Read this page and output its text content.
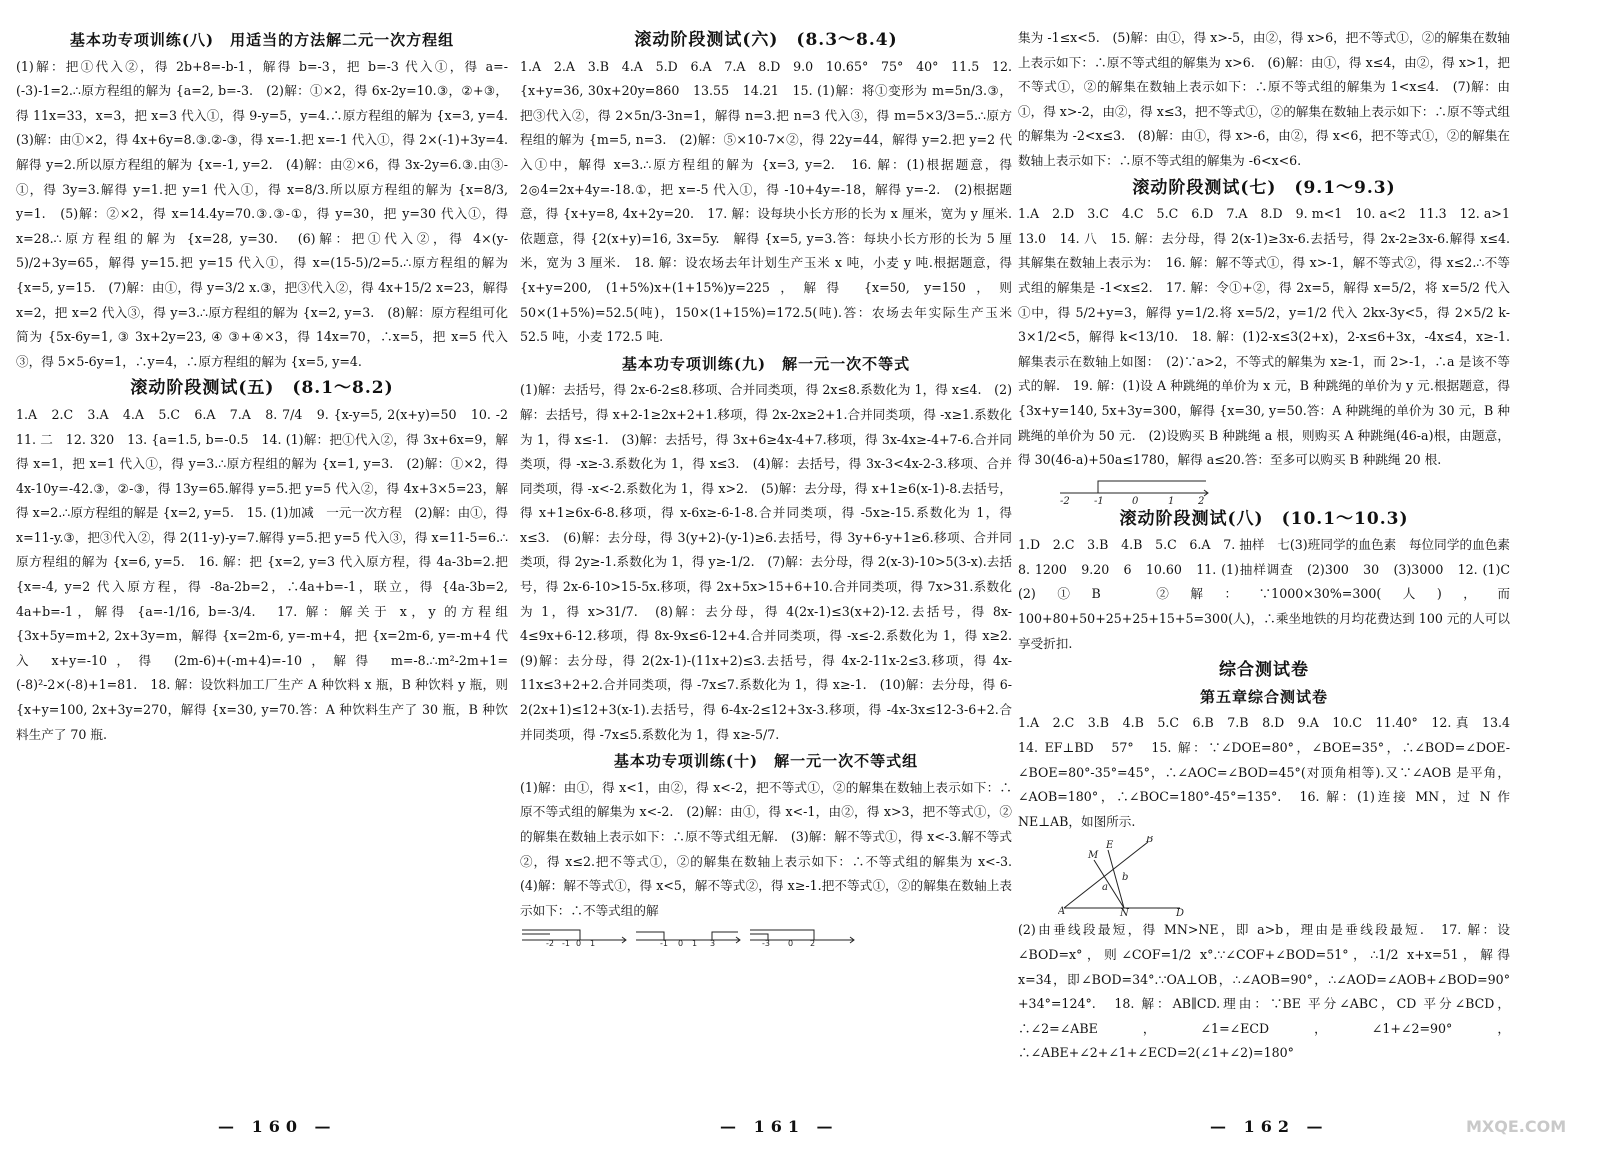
基本功专项训练(八)　用适当的方法解二元一次方程组

(1)解：把①代入②，得 2b+8=-b-1，解得 b=-3，把 b=-3 代入①，得 a=-(-3)-1=2.∴原方程组的解为 {a=2, b=-3.　(2)解：①×2，得 6x-2y=10.③，②+③，得 11x=33，x=3，把 x=3 代入①，得 9-y=5，y=4.∴原方程组的解为 {x=3, y=4.　(3)解：由①×2，得 4x+6y=8.③.②-③，得 x=-1.把 x=-1 代入①，得 2×(-1)+3y=4.解得 y=2.所以原方程组的解为 {x=-1, y=2.　(4)解：由②×6，得 3x-2y=6.③.由③-①，得 3y=3.解得 y=1.把 y=1 代入①，得 x=8/3.所以原方程组的解为 {x=8/3, y=1.　(5)解：②×2，得 x=14.4y=70.③.③-①，得 y=30，把 y=30 代入①，得 x=28.∴原方程组的解为 {x=28, y=30.　(6)解：把①代入②，得 4×(y-5)/2+3y=65，解得 y=15.把 y=15 代入①，得 x=(15-5)/2=5.∴原方程组的解为 {x=5, y=15.　(7)解：由①，得 y=3/2 x.③，把③代入②，得 4x+15/2 x=23，解得 x=2，把 x=2 代入③，得 y=3.∴原方程组的解为 {x=2, y=3.　(8)解：原方程组可化简为 {5x-6y=1, ③ 3x+2y=23, ④ ③+④×3，得 14x=70，∴x=5，把 x=5 代入③，得 5×5-6y=1，∴y=4，∴原方程组的解为 {x=5, y=4.

滚动阶段测试(五)　(8.1～8.2)

1.A　2.C　3.A　4.A　5.C　6.A　7.A　8. 7/4　9. {x-y=5, 2(x+y)=50　10. -2　11. 二　12. 320　13. {a=1.5, b=-0.5　14. (1)解：把①代入②，得 3x+6x=9，解得 x=1，把 x=1 代入①，得 y=3.∴原方程组的解为 {x=1, y=3.　(2)解：①×2，得 4x-10y=-42.③，②-③，得 13y=65.解得 y=5.把 y=5 代入②，得 4x+3×5=23，解得 x=2.∴原方程组的解是 {x=2, y=5.　15. (1)加减　一元一次方程　(2)解：由①，得 x=11-y.③，把③代入②，得 2(11-y)-y=7.解得 y=5.把 y=5 代入③，得 x=11-5=6.∴原方程组的解为 {x=6, y=5.　16. 解：把 {x=2, y=3 代入原方程，得 4a-3b=2.把 {x=-4, y=2 代入原方程，得 -8a-2b=2，∴4a+b=-1，联立，得 {4a-3b=2, 4a+b=-1，解得 {a=-1/16, b=-3/4.　17. 解：解关于 x，y 的方程组 {3x+5y=m+2, 2x+3y=m，解得 {x=2m-6, y=-m+4，把 {x=2m-6, y=-m+4 代入 x+y=-10，得 (2m-6)+(-m+4)=-10，解得 m=-8.∴m²-2m+1=(-8)²-2×(-8)+1=81.　18. 解：设饮料加工厂生产 A 种饮料 x 瓶，B 种饮料 y 瓶，则 {x+y=100, 2x+3y=270，解得 {x=30, y=70.答：A 种饮料生产了 30 瓶，B 种饮料生产了 70 瓶.

滚动阶段测试(六)　(8.3～8.4)

1.A　2.A　3.B　4.A　5.D　6.A　7.A　8.D　9.0　10.65°　75°　40°　11.5　12. {x+y=36, 30x+20y=860　13.55　14.21　15. (1)解：将①变形为 m=5n/3.③，把③代入②，得 2×5n/3-3n=1，解得 n=3.把 n=3 代入③，得 m=5×3/3=5.∴原方程组的解为 {m=5, n=3.　(2)解：⑤×10-7×②，得 22y=44，解得 y=2.把 y=2 代入①中，解得 x=3.∴原方程组的解为 {x=3, y=2.　16. 解：(1)根据题意，得 2◎4=2x+4y=-18.①，把 x=-5 代入①，得 -10+4y=-18，解得 y=-2.　(2)根据题意，得 {x+y=8, 4x+2y=20.　17. 解：设每块小长方形的长为 x 厘米，宽为 y 厘米.依题意，得 {2(x+y)=16, 3x=5y.　解得 {x=5, y=3.答：每块小长方形的长为 5 厘米，宽为 3 厘米.　18. 解：设农场去年计划生产玉米 x 吨，小麦 y 吨.根据题意，得 {x+y=200, (1+5%)x+(1+15%)y=225，解得 {x=50, y=150，则 50×(1+5%)=52.5(吨)，150×(1+15%)=172.5(吨).答：农场去年实际生产玉米 52.5 吨，小麦 172.5 吨.

基本功专项训练(九)　解一元一次不等式

(1)解：去括号，得 2x-6-2≤8.移项、合并同类项，得 2x≤8.系数化为 1，得 x≤4.　(2)解：去括号，得 x+2-1≥2x+2+1.移项，得 2x-2x≥2+1.合并同类项，得 -x≥1.系数化为 1，得 x≤-1.　(3)解：去括号，得 3x+6≥4x-4+7.移项，得 3x-4x≥-4+7-6.合并同类项，得 -x≥-3.系数化为 1，得 x≤3.　(4)解：去括号，得 3x-3<4x-2-3.移项、合并同类项，得 -x<-2.系数化为 1，得 x>2.　(5)解：去分母，得 x+1≥6(x-1)-8.去括号，得 x+1≥6x-6-8.移项，得 x-6x≥-6-1-8.合并同类项，得 -5x≥-15.系数化为 1，得 x≤3.　(6)解：去分母，得 3(y+2)-(y-1)≥6.去括号，得 3y+6-y+1≥6.移项、合并同类项，得 2y≥-1.系数化为 1，得 y≥-1/2.　(7)解：去分母，得 2(x-3)-10>5(3-x).去括号，得 2x-6-10>15-5x.移项，得 2x+5x>15+6+10.合并同类项，得 7x>31.系数化为 1，得 x>31/7.　(8)解：去分母，得 4(2x-1)≤3(x+2)-12.去括号，得 8x-4≤9x+6-12.移项，得 8x-9x≤6-12+4.合并同类项，得 -x≤-2.系数化为 1，得 x≥2.　(9)解：去分母，得 2(2x-1)-(11x+2)≤3.去括号，得 4x-2-11x-2≤3.移项，得 4x-11x≤3+2+2.合并同类项，得 -7x≤7.系数化为 1，得 x≥-1.　(10)解：去分母，得 6-2(2x+1)≤12+3(x-1).去括号，得 6-4x-2≤12+3x-3.移项，得 -4x-3x≤12-3-6+2.合并同类项，得 -7x≤5.系数化为 1，得 x≥-5/7.

基本功专项训练(十)　解一元一次不等式组

(1)解：由①，得 x<1，由②，得 x<-2，把不等式①，②的解集在数轴上表示如下：∴原不等式组的解集为 x<-2.　(2)解：由①，得 x<-1，由②，得 x>3，把不等式①，②的解集在数轴上表示如下：∴原不等式组无解.　(3)解：解不等式①，得 x<-3.解不等式②，得 x≤2.把不等式①，②的解集在数轴上表示如下：∴不等式组的解集为 x<-3.　(4)解：解不等式①，得 x<5，解不等式②，得 x≥-1.把不等式①，②的解集在数轴上表示如下：∴不等式组的解

-2 -1 0 1
	-1 0 1 3
	-3 0 2

集为 -1≤x<5.　(5)解：由①，得 x>-5，由②，得 x>6，把不等式①，②的解集在数轴上表示如下：∴原不等式组的解集为 x>6.　(6)解：由①，得 x≤4，由②，得 x>1，把不等式①，②的解集在数轴上表示如下：∴原不等式组的解集为 1<x≤4.　(7)解：由①，得 x>-2，由②，得 x≤3，把不等式①，②的解集在数轴上表示如下：∴原不等式组的解集为 -2<x≤3.　(8)解：由①，得 x>-6，由②，得 x<6，把不等式①，②的解集在数轴上表示如下：∴原不等式组的解集为 -6<x<6.

滚动阶段测试(七)　(9.1～9.3)

1.A　2.D　3.C　4.C　5.C　6.D　7.A　8.D　9. m<1　10. a<2　11.3　12. a>1　13.0　14. 八　15. 解：去分母，得 2(x-1)≥3x-6.去括号，得 2x-2≥3x-6.解得 x≤4.其解集在数轴上表示为：　16. 解：解不等式①，得 x>-1，解不等式②，得 x≤2.∴不等式组的解集是 -1<x≤2.　17. 解：令①+②，得 2x=5，解得 x=5/2，将 x=5/2 代入①中，得 5/2+y=3，解得 y=1/2.将 x=5/2，y=1/2 代入 2kx-3y<5，得 2×5/2 k-3×1/2<5，解得 k<13/10.　18. 解：(1)2-x≤3(2+x)，2-x≤6+3x，-4x≤4，x≥-1.解集表示在数轴上如图：　(2)∵a>2，不等式的解集为 x≥-1，而 2>-1，∴a 是该不等式的解.　19. 解：(1)设 A 种跳绳的单价为 x 元，B 种跳绳的单价为 y 元.根据题意，得 {3x+y=140, 5x+3y=300，解得 {x=30, y=50.答：A 种跳绳的单价为 30 元，B 种跳绳的单价为 50 元.　(2)设购买 B 种跳绳 a 根，则购买 A 种跳绳(46-a)根，由题意，得 30(46-a)+50a≤1780，解得 a≤20.答：至多可以购买 B 种跳绳 20 根.

-2 -1	0	1 2
滚动阶段测试(八)　(10.1～10.3)

1.D　2.C　3.B　4.B　5.C　6.A　7. 抽样　七(3)班同学的血色素　每位同学的血色素　8. 1200　9.20　6　10.60　11. (1)抽样调查　(2)300　30　(3)3000　12. (1)C　(2)①B　②解：∵1000×30%=300(人)，而 100+80+50+25+25+15+5=300(人)，∴乘坐地铁的月均花费达到 100 元的人可以享受折扣.

综合测试卷
第五章综合测试卷

1.A　2.C　3.B　4.B　5.C　6.B　7.B　8.D　9.A　10.C　11.40°　12. 真　13.4　14. EF⊥BD　57°　15. 解：∵∠DOE=80°，∠BOE=35°，∴∠BOD=∠DOE-∠BOE=80°-35°=45°，∴∠AOC=∠BOD=45°(对顶角相等).又∵∠AOB 是平角，∠AOB=180°，∴∠BOC=180°-45°=135°.　16. 解：(1)连接 MN，过 N 作 NE⊥AB，如图所示.

A
B
M
E
N	D
a
b

(2)由垂线段最短，得 MN>NE，即 a>b，理由是垂线段最短.　17. 解：设∠BOD=x°，则∠COF=1/2 x°.∵∠COF+∠BOD=51°，∴1/2 x+x=51，解得 x=34，即∠BOD=34°.∵OA⊥OB，∴∠AOB=90°，∴∠AOD=∠AOB+∠BOD=90°+34°=124°.　18. 解：AB∥CD.理由：∵BE 平分∠ABC，CD 平分∠BCD，∴∠2=∠ABE，∠1=∠ECD，∠1+∠2=90°，∴∠ABE+∠2+∠1+∠ECD=2(∠1+∠2)=180°

— 160 —	— 161 —	— 162 —	MXQE.COM
